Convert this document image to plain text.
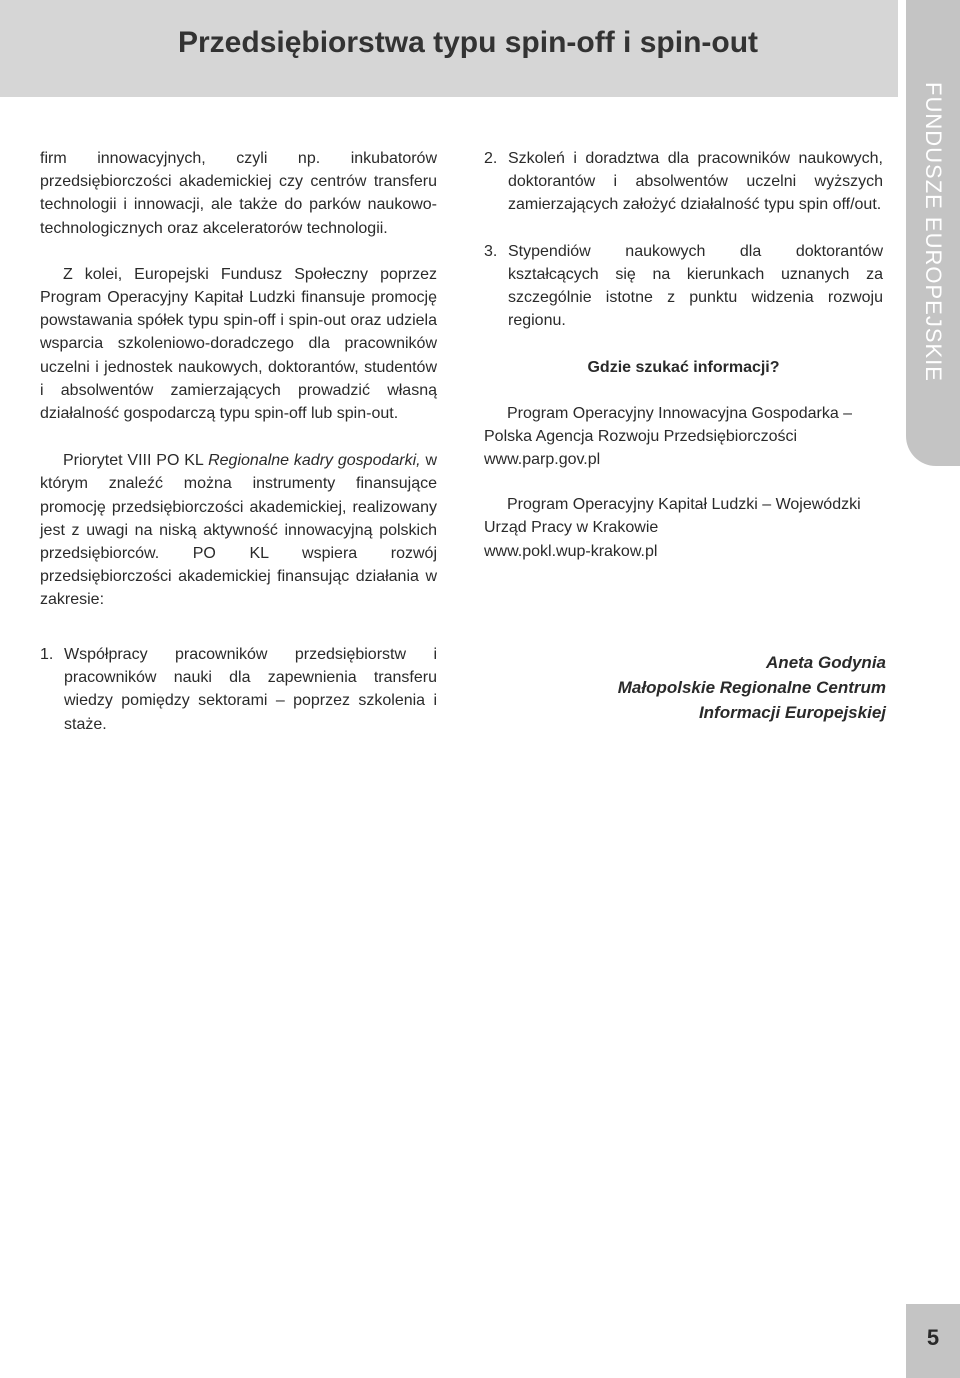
Przedsiębiorstwa typu spin-off i spin-out
FUNDUSZE EUROPEJSKIE

firm innowacyjnych, czyli np. inkubatorów przedsiębiorczości akademickiej czy centrów transferu technologii i innowacji, ale także do parków naukowo-technologicznych oraz akceleratorów technologii.

Z kolei, Europejski Fundusz Społeczny poprzez Program Operacyjny Kapitał Ludzki finansuje promocję powstawania spółek typu spin-off i spin-out oraz udziela wsparcia szkoleniowo-doradczego dla pracowników uczelni i jednostek naukowych, doktorantów, studentów i absolwentów zamierzających prowadzić własną działalność gospodarczą typu spin-off lub spin-out.

Priorytet VIII PO KL Regionalne kadry gospodarki, w którym znaleźć można instrumenty finansujące promocję przedsiębiorczości akademickiej, realizowany jest z uwagi na niską aktywność innowacyjną polskich przedsiębiorców. PO KL wspiera rozwój przedsiębiorczości akademickiej finansując działania w zakresie:

1. Współpracy pracowników przedsiębiorstw i pracowników nauki dla zapewnienia transferu wiedzy pomiędzy sektorami – poprzez szkolenia i staże.
2. Szkoleń i doradztwa dla pracowników naukowych, doktorantów i absolwentów uczelni wyższych zamierzających założyć działalność typu spin off/out.
3. Stypendiów naukowych dla doktorantów kształcących się na kierunkach uznanych za szczególnie istotne z punktu widzenia rozwoju regionu.

Gdzie szukać informacji?

Program Operacyjny Innowacyjna Gospodarka –

Polska Agencja Rozwoju Przedsiębiorczości

www.parp.gov.pl

Program Operacyjny Kapitał Ludzki – Wojewódzki

Urząd Pracy w Krakowie

www.pokl.wup-krakow.pl

Aneta Godynia
Małopolskie Regionalne Centrum
Informacji Europejskiej
msp.krakow.pl	5
